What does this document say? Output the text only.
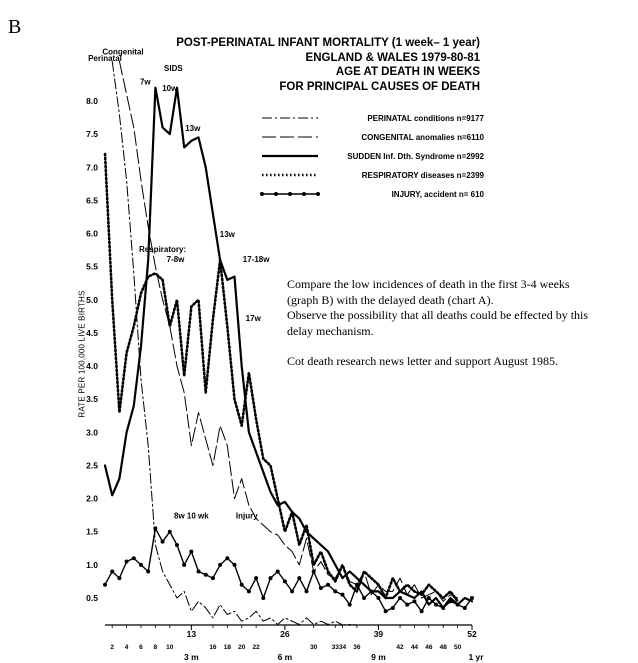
B
POST-PERINATAL INFANT MORTALITY (1 week– 1 year)
ENGLAND & WALES 1979-80-81
AGE AT DEATH IN WEEKS
FOR PRINCIPAL CAUSES OF DEATH
RATE PER 100,000 LIVE BIRTHS
0.5
1.0
1.5
2.0
2.5
3.0
3.5
4.0
4.5
5.0
5.5
6.0
6.5
7.0
7.5
8.0
2 4 6 8 10	16 18 20 22	30 33 34 36	42 44 46 48 50
13	26	39	52
3 m	6 m	9 m	1 yr
Perinatal
Congenital
SIDS
7w
10w
13w
13w
Respiratory:
7-8w	17-18w
17w
8w 10 wk	Injury
PERINATAL conditions n=9177
CONGENITAL anomalies n=6110
SUDDEN Inf. Dth. Syndrome n=2992
RESPIRATORY diseases n=2399
INJURY, accident n= 610
Compare the low incidences of death in the first 3-4 weeks
(graph B) with the delayed death (chart A).
Observe the possibility that all deaths could be effected by this
delay mechanism.
Cot death research news letter and support August 1985.
